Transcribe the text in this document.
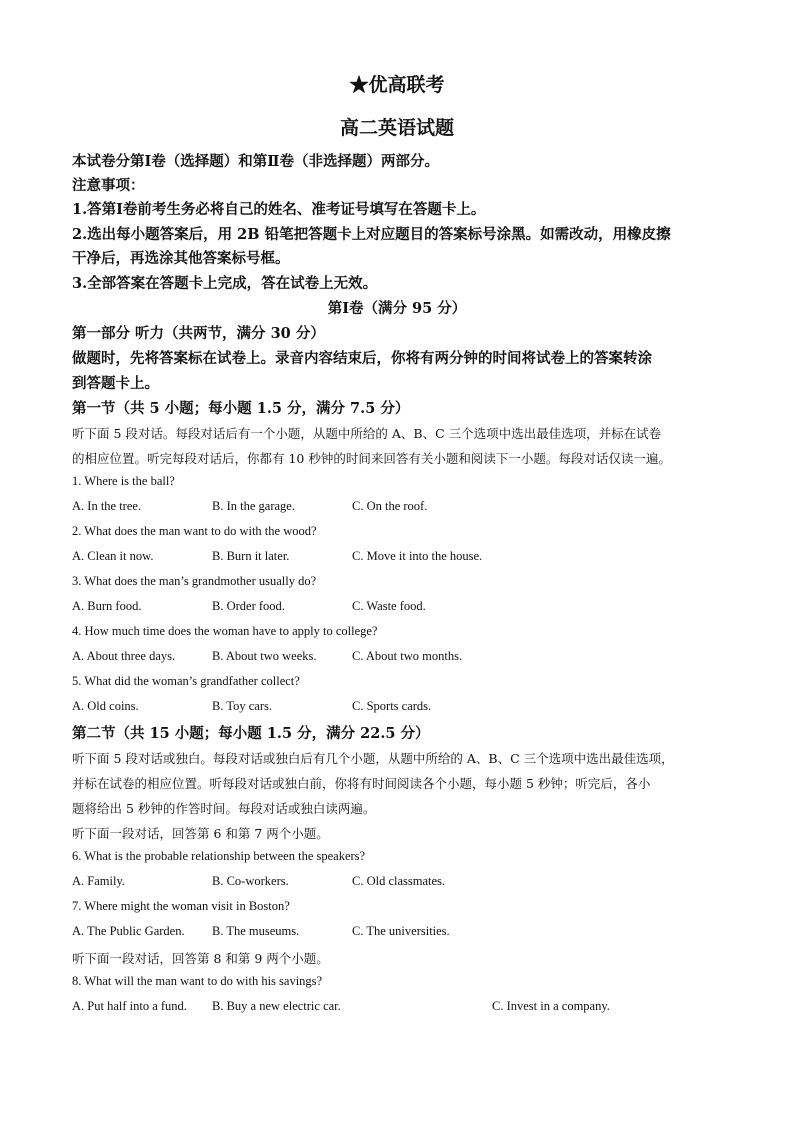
★优高联考
高二英语试题
本试卷分第Ⅰ卷（选择题）和第Ⅱ卷（非选择题）两部分。
注意事项：
1.答第Ⅰ卷前考生务必将自己的姓名、准考证号填写在答题卡上。
2.选出每小题答案后，用 2B 铅笔把答题卡上对应题目的答案标号涂黑。如需改动，用橡皮擦
干净后，再选涂其他答案标号框。
3.全部答案在答题卡上完成，答在试卷上无效。
第Ⅰ卷（满分 95 分）
第一部分 听力（共两节，满分 30 分）
做题时，先将答案标在试卷上。录音内容结束后，你将有两分钟的时间将试卷上的答案转涂
到答题卡上。
第一节（共 5 小题；每小题 1.5 分，满分 7.5 分）
听下面 5 段对话。每段对话后有一个小题，从题中所给的 A、B、C 三个选项中选出最佳选项，并标在试卷
的相应位置。听完每段对话后，你都有 10 秒钟的时间来回答有关小题和阅读下一小题。每段对话仅读一遍。
1. Where is the ball?
A. In the tree.	B. In the garage.	C. On the roof.
2. What does the man want to do with the wood?
A. Clean it now.	B. Burn it later.	C. Move it into the house.
3. What does the man’s grandmother usually do?
A. Burn food.	B. Order food.	C. Waste food.
4. How much time does the woman have to apply to college?
A. About three days.	B. About two weeks.	C. About two months.
5. What did the woman’s grandfather collect?
A. Old coins.	B. Toy cars.	C. Sports cards.
第二节（共 15 小题；每小题 1.5 分，满分 22.5 分）
听下面 5 段对话或独白。每段对话或独白后有几个小题，从题中所给的 A、B、C 三个选项中选出最佳选项，
并标在试卷的相应位置。听每段对话或独白前，你将有时间阅读各个小题，每小题 5 秒钟；听完后，各小
题将给出 5 秒钟的作答时间。每段对话或独白读两遍。
听下面一段对话，回答第 6 和第 7 两个小题。
6. What is the probable relationship between the speakers?
A. Family.	B. Co-workers.	C. Old classmates.
7. Where might the woman visit in Boston?
A. The Public Garden. B. The museums.	C. The universities.
听下面一段对话，回答第 8 和第 9 两个小题。
8. What will the man want to do with his savings?
A. Put half into a fund. B. Buy a new electric car.	C. Invest in a company.
